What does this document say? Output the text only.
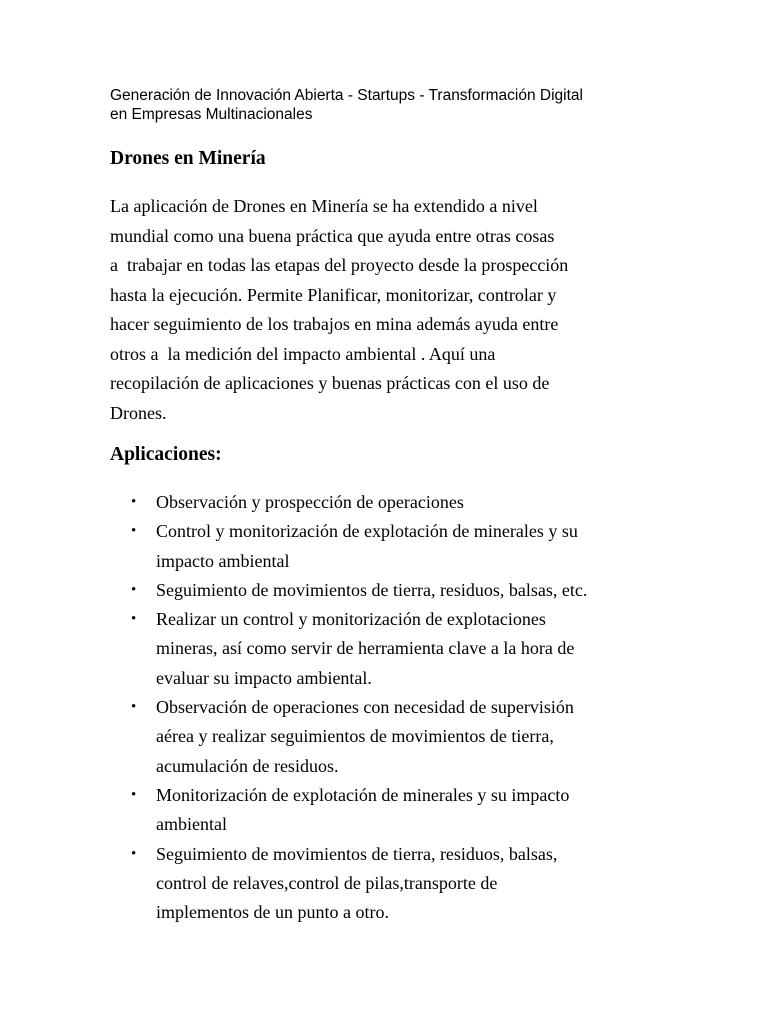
Generación de Innovación Abierta - Startups - Transformación Digital
en Empresas Multinacionales
Drones en Minería
La aplicación de Drones en Minería se ha extendido a nivel
mundial como una buena práctica que ayuda entre otras cosas
a  trabajar en todas las etapas del proyecto desde la prospección
hasta la ejecución. Permite Planificar, monitorizar, controlar y
hacer seguimiento de los trabajos en mina además ayuda entre
otros a  la medición del impacto ambiental . Aquí una
recopilación de aplicaciones y buenas prácticas con el uso de
Drones.
Aplicaciones:
• Observación y prospección de operaciones
• Control y monitorización de explotación de minerales y su
impacto ambiental
• Seguimiento de movimientos de tierra, residuos, balsas, etc.
• Realizar un control y monitorización de explotaciones
mineras, así como servir de herramienta clave a la hora de
evaluar su impacto ambiental.
• Observación de operaciones con necesidad de supervisión
aérea y realizar seguimientos de movimientos de tierra,
acumulación de residuos.
• Monitorización de explotación de minerales y su impacto
ambiental
• Seguimiento de movimientos de tierra, residuos, balsas,
control de relaves,control de pilas,transporte de
implementos de un punto a otro.
